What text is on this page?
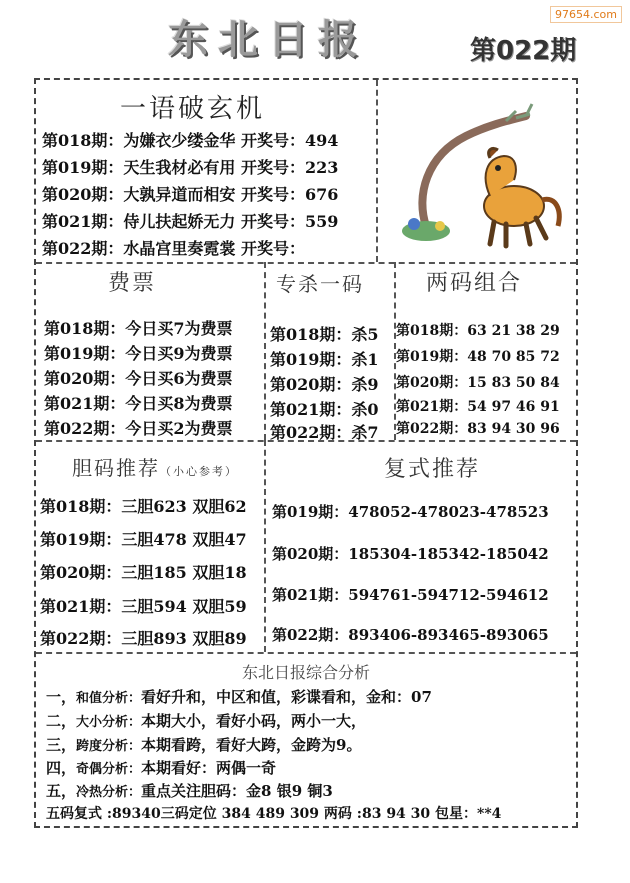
97654.com
东北日报	第022期
一语破玄机
第018期：为嫌衣少缕金华 开奖号：494
第019期：天生我材必有用 开奖号：223
第020期：大孰异道而相安 开奖号：676
第021期：侍儿扶起娇无力 开奖号：559
第022期：水晶宫里奏霓裳 开奖号：
费票
第018期：今日买7为费票
第019期：今日买9为费票
第020期：今日买6为费票
第021期：今日买8为费票
第022期：今日买2为费票
专杀一码
第018期：杀5
第019期：杀1
第020期：杀9
第021期：杀0
第022期：杀7
两码组合
第018期：63 21 38 29
第019期：48 70 85 72
第020期：15 83 50 84
第021期：54 97 46 91
第022期：83 94 30 96
胆码推荐（小心参考）
第018期：三胆623 双胆62
第019期：三胆478 双胆47
第020期：三胆185 双胆18
第021期：三胆594 双胆59
第022期：三胆893 双胆89
复式推荐
第019期：478052-478023-478523
第020期：185304-185342-185042
第021期：594761-594712-594612
第022期：893406-893465-893065
东北日报综合分析
一，和值分析：看好升和，中区和值，彩谍看和，金和：07
二，大小分析：本期大小，看好小码，两小一大，
三，跨度分析：本期看跨，看好大跨，金跨为9。
四，奇偶分析：本期看好：两偶一奇
五，冷热分析：重点关注胆码：金8 银9 铜3
五码复式 :89340三码定位 384 489 309 两码 :83 94 30 包星：**4
